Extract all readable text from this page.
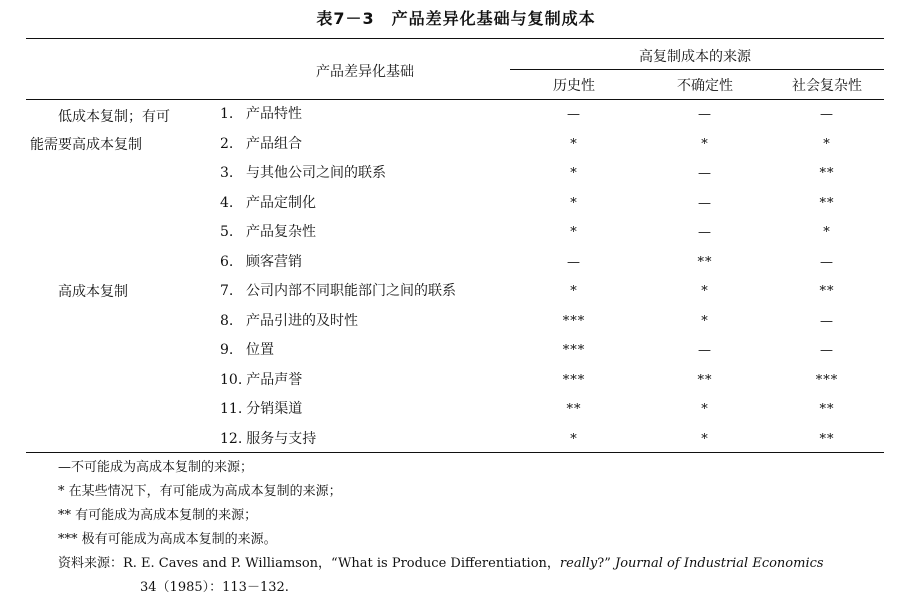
表7－3　产品差异化基础与复制成本
产品差异化基础
高复制成本的来源
历史性	不确定性	社会复杂性
低成本复制；有可
能需要高成本复制
高成本复制
1. 产品特性	—	—	—
2. 产品组合	*	*	*
3. 与其他公司之间的联系	*	—	**
4. 产品定制化	*	—	**
5. 产品复杂性	*	—	*
6. 顾客营销	—	**	—
7. 公司内部不同职能部门之间的联系	*	*	**
8. 产品引进的及时性	***	*	—
9. 位置	***	—	—
10. 产品声誉	***	**	***
11. 分销渠道	**	*	**
12. 服务与支持	*	*	**
—不可能成为高成本复制的来源；
* 在某些情况下，有可能成为高成本复制的来源；
** 有可能成为高成本复制的来源；
*** 极有可能成为高成本复制的来源。
资料来源：R. E. Caves and P. Williamson，“What is Produce Differentiation，really?” Journal of Industrial Economics
34（1985）：113－132.
